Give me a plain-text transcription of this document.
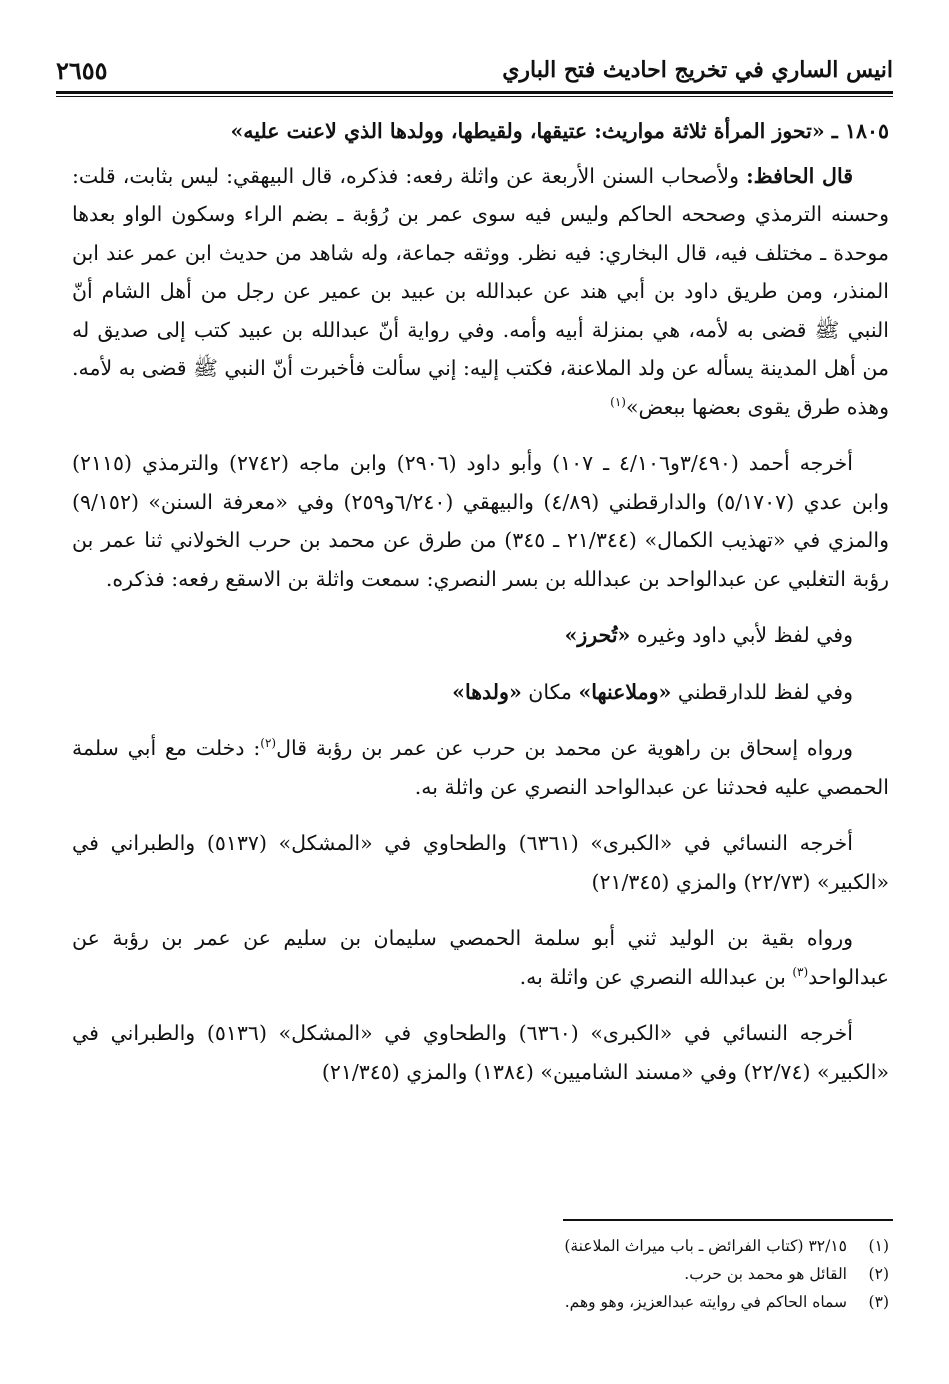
انيس الساري في تخريج احاديث فتح الباري
٢٦٥٥

١٨٠٥ ـ «تحوز المرأة ثلاثة مواريث: عتيقها، ولقيطها، وولدها الذي لاعنت عليه»

قال الحافظ: ولأصحاب السنن الأربعة عن واثلة رفعه: فذكره، قال البيهقي: ليس بثابت، قلت: وحسنه الترمذي وصححه الحاكم وليس فيه سوى عمر بن رُؤبة ـ بضم الراء وسكون الواو بعدها موحدة ـ مختلف فيه، قال البخاري: فيه نظر. ووثقه جماعة، وله شاهد من حديث ابن عمر عند ابن المنذر، ومن طريق داود بن أبي هند عن عبدالله بن عبيد بن عمير عن رجل من أهل الشام أنّ النبي ﷺ قضى به لأمه، هي بمنزلة أبيه وأمه. وفي رواية أنّ عبدالله بن عبيد كتب إلى صديق له من أهل المدينة يسأله عن ولد الملاعنة، فكتب إليه: إني سألت فأخبرت أنّ النبي ﷺ قضى به لأمه. وهذه طرق يقوى بعضها ببعض»$^{(١)}$

أخرجه أحمد (٣/٤٩٠و٤/١٠٦ ـ ١٠٧) وأبو داود (٢٩٠٦) وابن ماجه (٢٧٤٢) والترمذي (٢١١٥) وابن عدي (٥/١٧٠٧) والدارقطني (٤/٨٩) والبيهقي (٦/٢٤٠و٢٥٩) وفي «معرفة السنن» (٩/١٥٢) والمزي في «تهذيب الكمال» (٢١/٣٤٤ ـ ٣٤٥) من طرق عن محمد بن حرب الخولاني ثنا عمر بن رؤبة التغلبي عن عبدالواحد بن عبدالله بن بسر النصري: سمعت واثلة بن الاسقع رفعه: فذكره.

وفي لفظ لأبي داود وغيره «تُحرز»

وفي لفظ للدارقطني «وملاعنها» مكان «ولدها»

ورواه إسحاق بن راهوية عن محمد بن حرب عن عمر بن رؤبة قال$^{(٢)}$: دخلت مع أبي سلمة الحمصي عليه فحدثنا عن عبدالواحد النصري عن واثلة به.

أخرجه النسائي في «الكبرى» (٦٣٦١) والطحاوي في «المشكل» (٥١٣٧) والطبراني في «الكبير» (٢٢/٧٣) والمزي (٢١/٣٤٥)

ورواه بقية بن الوليد ثني أبو سلمة الحمصي سليمان بن سليم عن عمر بن رؤبة عن عبدالواحد$^{(٣)}$ بن عبدالله النصري عن واثلة به.

أخرجه النسائي في «الكبرى» (٦٣٦٠) والطحاوي في «المشكل» (٥١٣٦) والطبراني في «الكبير» (٢٢/٧٤) وفي «مسند الشاميين» (١٣٨٤) والمزي (٢١/٣٤٥)

(١)
٣٢/١٥ (كتاب الفرائض ـ باب ميراث الملاعنة)
(٢)
القائل هو محمد بن حرب.
(٣)
سماه الحاكم في روايته عبدالعزيز، وهو وهم.
